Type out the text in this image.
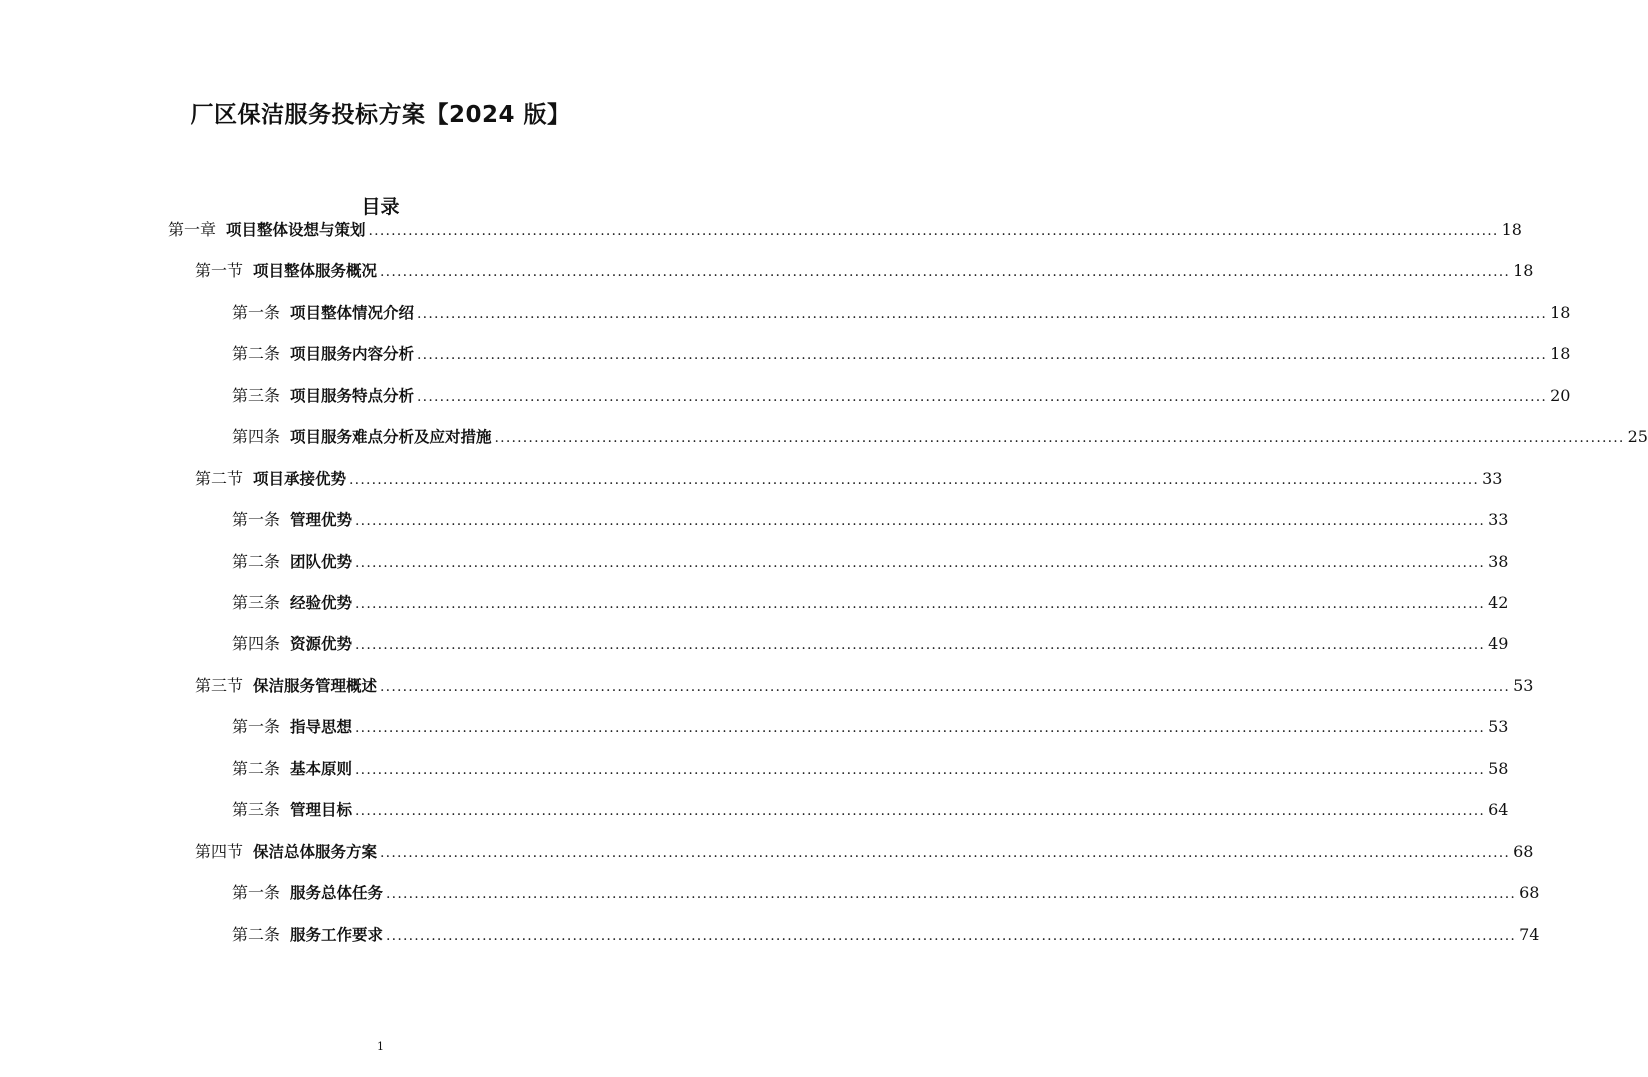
厂区保洁服务投标方案【2024 版】
目录
第一章 项目整体设想与策划 ........................................................................................................................................................................................................ 18
第一节 项目整体服务概况 ........................................................................................................................................................................................................ 18
第一条 项目整体情况介绍 ........................................................................................................................................................................................................ 18
第二条 项目服务内容分析 ........................................................................................................................................................................................................ 18
第三条 项目服务特点分析 ........................................................................................................................................................................................................ 20
第四条 项目服务难点分析及应对措施 ........................................................................................................................................................................................................ 25
第二节 项目承接优势 ........................................................................................................................................................................................................ 33
第一条 管理优势 ........................................................................................................................................................................................................ 33
第二条 团队优势 ........................................................................................................................................................................................................ 38
第三条 经验优势 ........................................................................................................................................................................................................ 42
第四条 资源优势 ........................................................................................................................................................................................................ 49
第三节 保洁服务管理概述 ........................................................................................................................................................................................................ 53
第一条 指导思想 ........................................................................................................................................................................................................ 53
第二条 基本原则 ........................................................................................................................................................................................................ 58
第三条 管理目标 ........................................................................................................................................................................................................ 64
第四节 保洁总体服务方案 ........................................................................................................................................................................................................ 68
第一条 服务总体任务 ........................................................................................................................................................................................................ 68
第二条 服务工作要求 ........................................................................................................................................................................................................ 74
1
